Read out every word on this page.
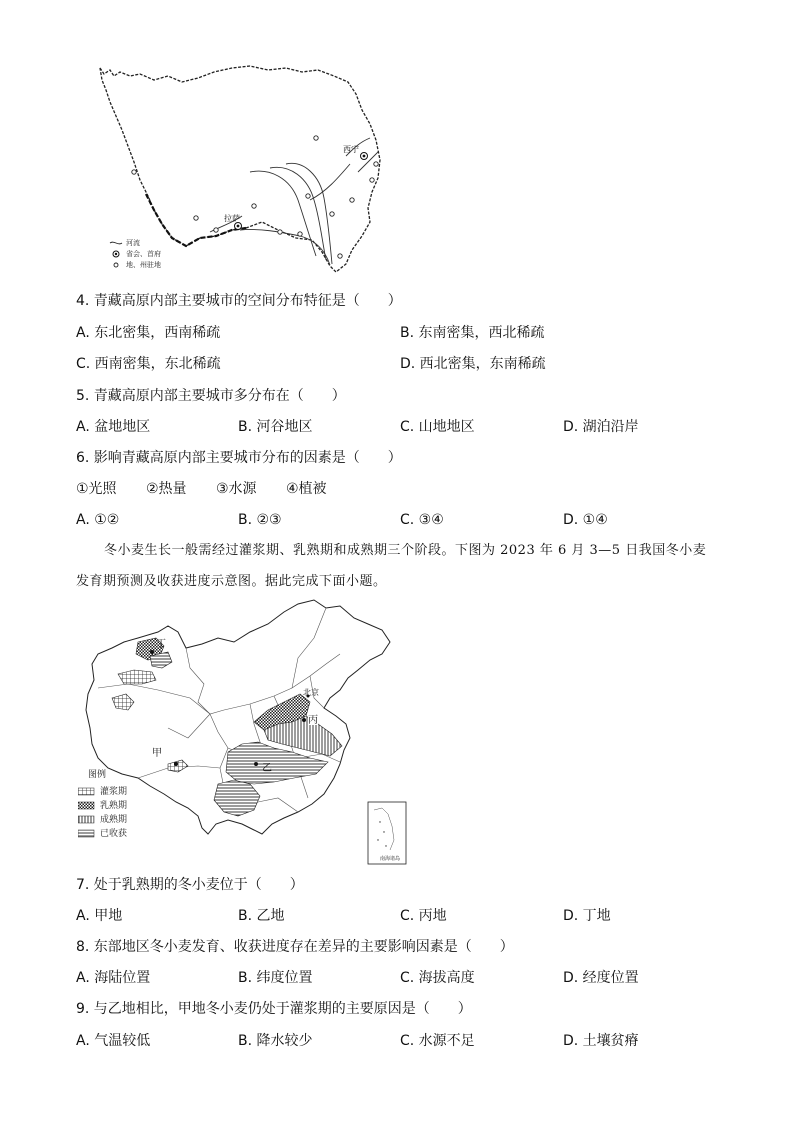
西宁
拉萨
河流
省会、首府
地、州驻地
4. 青藏高原内部主要城市的空间分布特征是（　　）
A. 东北密集，西南稀疏	B. 东南密集，西北稀疏
C. 西南密集，东北稀疏	D. 西北密集，东南稀疏
5. 青藏高原内部主要城市多分布在（　　）
A. 盆地地区	B. 河谷地区	C. 山地地区	D. 湖泊沿岸
6. 影响青藏高原内部主要城市分布的因素是（　　）
①光照 ②热量 ③水源 ④植被
A. ①②	B. ②③	C. ③④	D. ①④
冬小麦生长一般需经过灌浆期、乳熟期和成熟期三个阶段。下图为 2023 年 6 月 3—5 日我国冬小麦
发育期预测及收获进度示意图。据此完成下面小题。
丁
北京
丙
乙
甲
图例
灌浆期
乳熟期
成熟期
已收获
南海诸岛
7. 处于乳熟期的冬小麦位于（　　）
A. 甲地	B. 乙地	C. 丙地	D. 丁地
8. 东部地区冬小麦发育、收获进度存在差异的主要影响因素是（　　）
A. 海陆位置	B. 纬度位置	C. 海拔高度	D. 经度位置
9. 与乙地相比，甲地冬小麦仍处于灌浆期的主要原因是（　　）
A. 气温较低	B. 降水较少	C. 水源不足	D. 土壤贫瘠
